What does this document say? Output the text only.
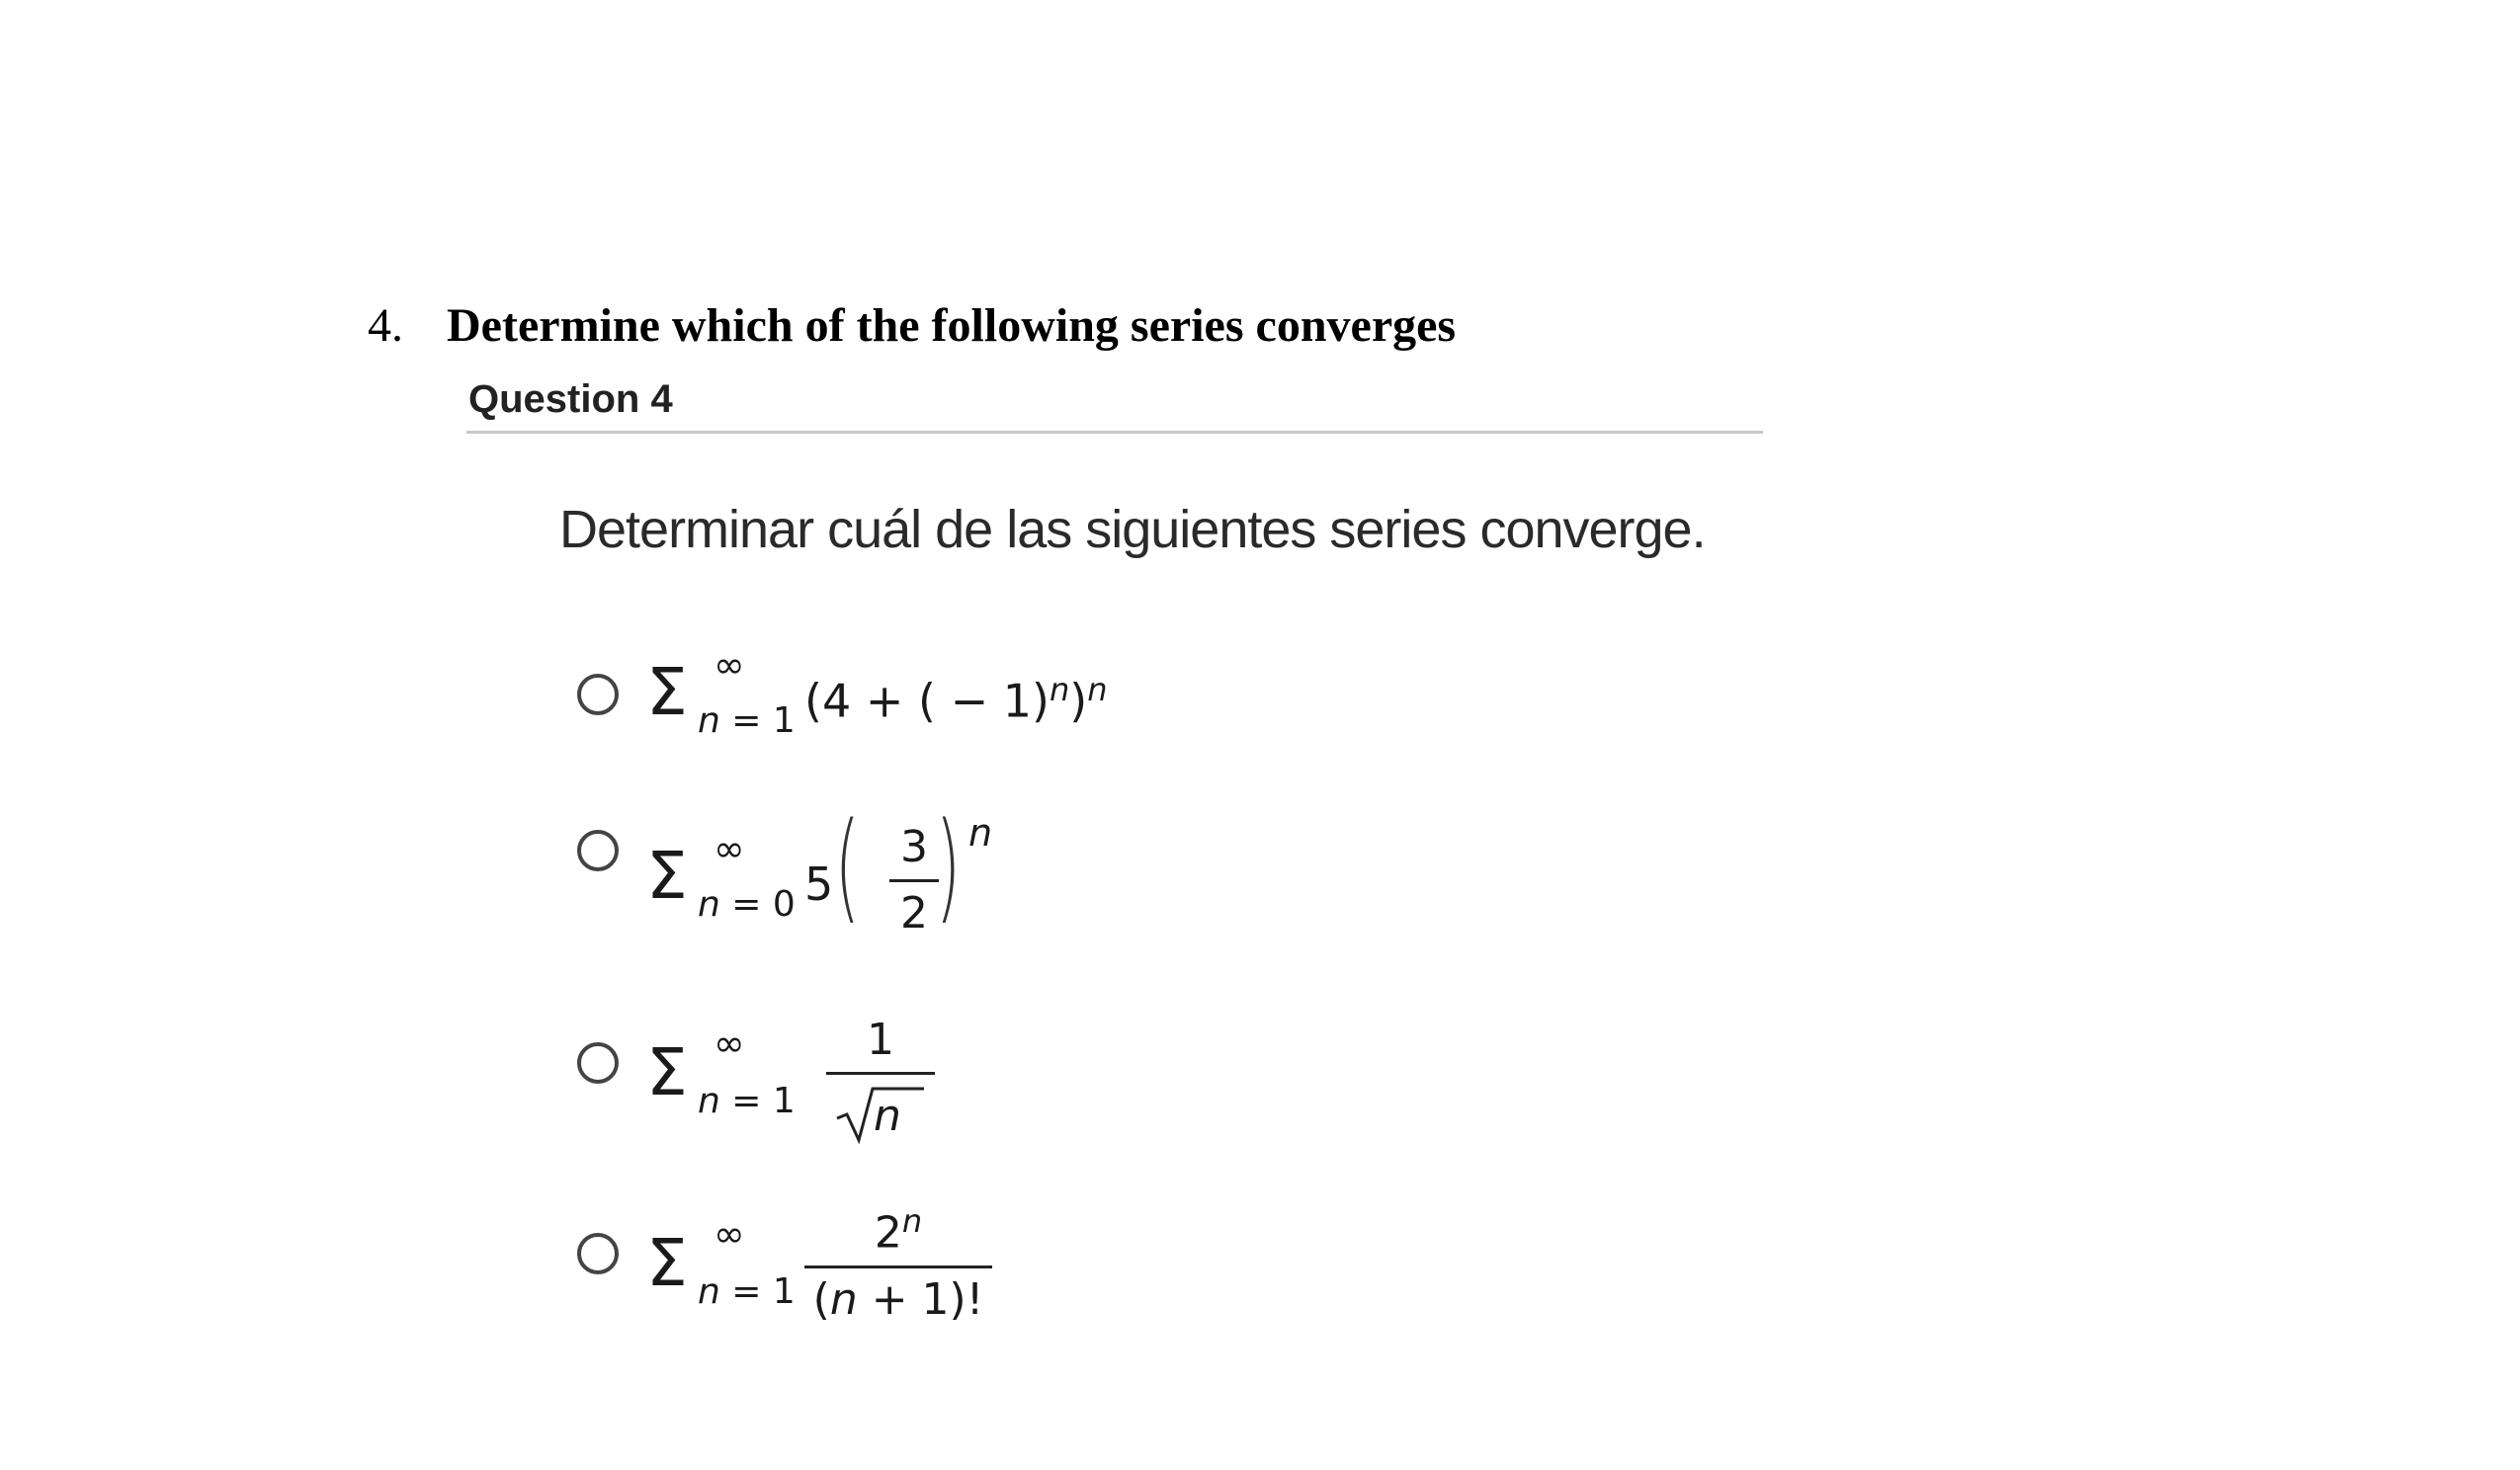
4. Determine which of the following series converges
Question 4
Determinar cuál de las siguientes series converge.
Σ ∞
n = 1 (4 + ( − 1)$^n$)$^n$
Σ ∞
n = 0 5 ( 3
2 ) n
Σ ∞
n = 1
1
n
Σ ∞
n = 1
2$^n$
(n + 1)!
